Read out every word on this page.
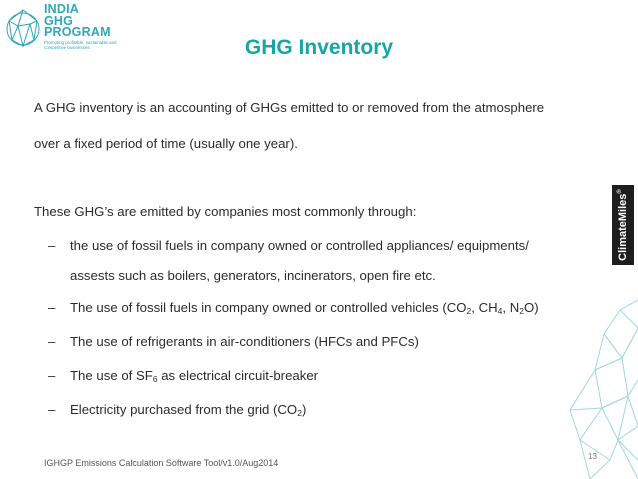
INDIA
GHG
PROGRAM
Promoting profitable, sustainable and competitive businesses	GHG Inventory
A GHG inventory is an accounting of GHGs emitted to or removed from the atmosphere
over a fixed period of time (usually one year).
These GHG’s are emitted by companies most commonly through:
– the use of fossil fuels in company owned or controlled appliances/ equipments/
assests such as boilers, generators, incinerators, open fire etc.
– The use of fossil fuels in company owned or controlled vehicles ($CO_2$, $CH_4$, $N_2O$)
– The use of refrigerants in air-conditioners (HFCs and PFCs)
– The use of $SF_6$ as electrical circuit-breaker
– Electricity purchased from the grid $(CO_2)$
ClimateMiles®
IGHGP Emissions Calculation Software Tool/v1.0/Aug2014
13
